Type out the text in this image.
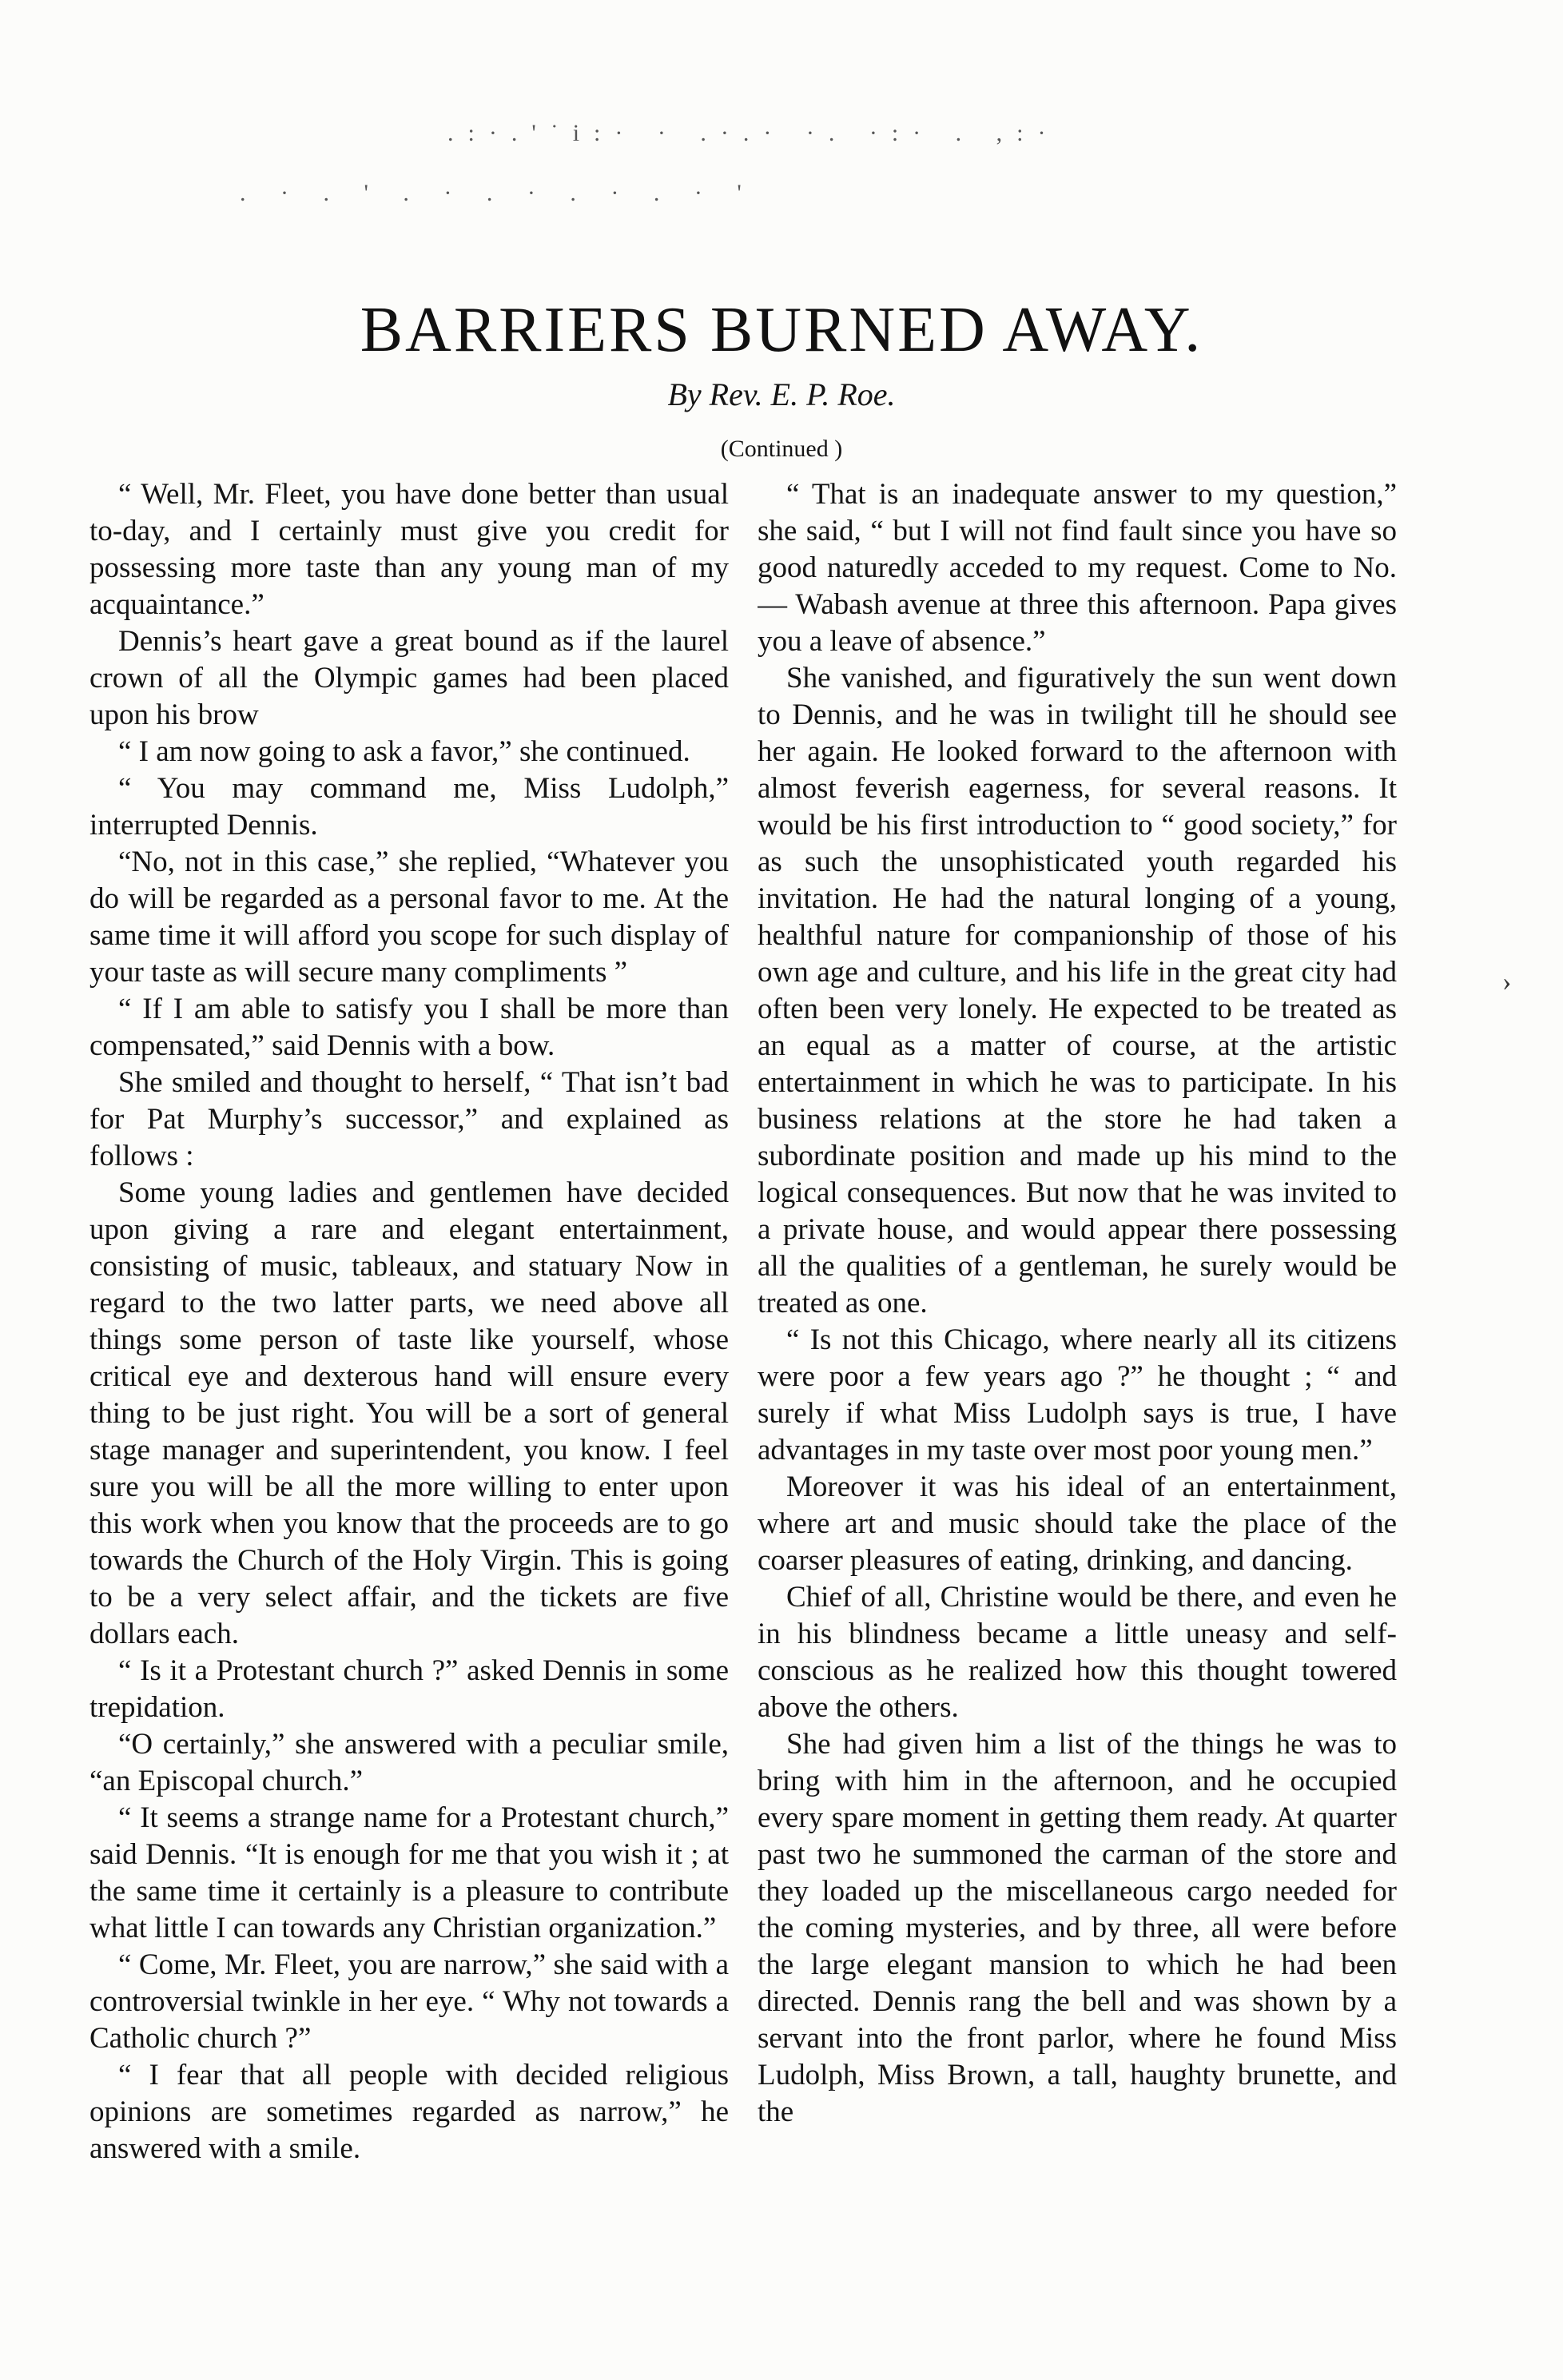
.:·.'˙i:· · .·.· ·. ·:· . ,:·
. · . ' . · . · . · . · '
BARRIERS BURNED AWAY.

By Rev. E. P. Roe.

(Continued )

“ Well, Mr. Fleet, you have done better than usual to-day, and I certainly must give you credit for possessing more taste than any young man of my acquaintance.”

Dennis’s heart gave a great bound as if the laurel crown of all the Olympic games had been placed upon his brow

“ I am now going to ask a favor,” she continued.

“ You may command me, Miss Ludolph,” interrupted Dennis.

“No, not in this case,” she replied, “Whatever you do will be regarded as a personal favor to me. At the same time it will afford you scope for such display of your taste as will secure many compliments ”

“ If I am able to satisfy you I shall be more than compensated,” said Dennis with a bow.

She smiled and thought to herself, “ That isn’t bad for Pat Murphy’s successor,” and explained as follows :

Some young ladies and gentlemen have decided upon giving a rare and elegant entertainment, consisting of music, tableaux, and statuary Now in regard to the two latter parts, we need above all things some person of taste like yourself, whose critical eye and dexterous hand will ensure every thing to be just right. You will be a sort of general stage manager and superintendent, you know. I feel sure you will be all the more willing to enter upon this work when you know that the proceeds are to go towards the Church of the Holy Virgin. This is going to be a very select affair, and the tickets are five dollars each.

“ Is it a Protestant church ?” asked Dennis in some trepidation.

“O certainly,” she answered with a peculiar smile, “an Episcopal church.”

“ It seems a strange name for a Protestant church,” said Dennis. “It is enough for me that you wish it ; at the same time it certainly is a pleasure to contribute what little I can towards any Christian organization.”

“ Come, Mr. Fleet, you are narrow,” she said with a controversial twinkle in her eye. “ Why not towards a Catholic church ?”

“ I fear that all people with decided religious opinions are sometimes regarded as narrow,” he answered with a smile.

“ That is an inadequate answer to my question,” she said, “ but I will not find fault since you have so good naturedly acceded to my request. Come to No. — Wabash avenue at three this afternoon. Papa gives you a leave of absence.”

She vanished, and figuratively the sun went down to Dennis, and he was in twilight till he should see her again. He looked forward to the afternoon with almost feverish eagerness, for several reasons. It would be his first introduction to “ good society,” for as such the unsophisticated youth regarded his invitation. He had the natural longing of a young, healthful nature for companionship of those of his own age and culture, and his life in the great city had often been very lonely. He expected to be treated as an equal as a matter of course, at the artistic entertainment in which he was to participate. In his business relations at the store he had taken a subordinate position and made up his mind to the logical consequences. But now that he was invited to a private house, and would appear there possessing all the qualities of a gentleman, he surely would be treated as one.

“ Is not this Chicago, where nearly all its citizens were poor a few years ago ?” he thought ; “ and surely if what Miss Ludolph says is true, I have advantages in my taste over most poor young men.”

Moreover it was his ideal of an entertainment, where art and music should take the place of the coarser pleasures of eating, drinking, and dancing.

Chief of all, Christine would be there, and even he in his blindness became a little uneasy and self-conscious as he realized how this thought towered above the others.

She had given him a list of the things he was to bring with him in the afternoon, and he occupied every spare moment in getting them ready. At quarter past two he summoned the carman of the store and they loaded up the miscellaneous cargo needed for the coming mysteries, and by three, all were before the large elegant mansion to which he had been directed. Dennis rang the bell and was shown by a servant into the front parlor, where he found Miss Ludolph, Miss Brown, a tall, haughty brunette, and the

›
